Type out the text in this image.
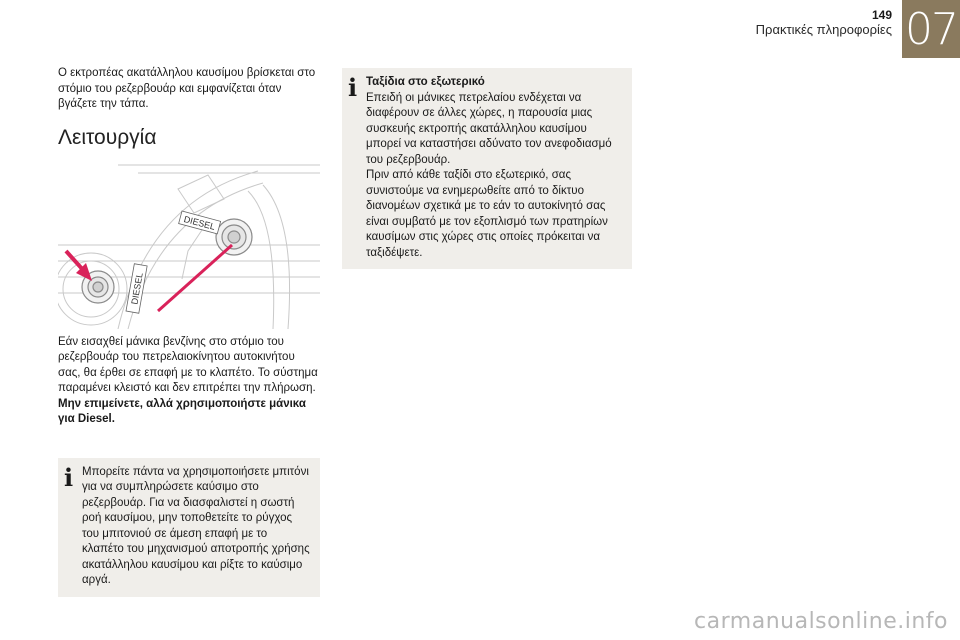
149
Πρακτικές πληροφορίες 07

Ο εκτροπέας ακατάλληλου καυσίμου βρίσκεται στο στόμιο του ρεζερβουάρ και εμφανίζεται όταν βγάζετε την τάπα.

Λειτουργία
DIESEL
DIESEL

Εάν εισαχθεί μάνικα βενζίνης στο στόμιο του ρεζερβουάρ του πετρελαιοκίνητου αυτοκινήτου σας, θα έρθει σε επαφή με το κλαπέτο. Το σύστημα παραμένει κλειστό και δεν επιτρέπει την πλήρωση.

Μην επιμείνετε, αλλά χρησιμοποιήστε μάνικα για Diesel.

i Μπορείτε πάντα να χρησιμοποιήσετε μπιτόνι για να συμπληρώσετε καύσιμο στο ρεζερβουάρ. Για να διασφαλιστεί η σωστή ροή καυσίμου, μην τοποθετείτε το ρύγχος του μπιτονιού σε άμεση επαφή με το κλαπέτο του μηχανισμού αποτροπής χρήσης ακατάλληλου καυσίμου και ρίξτε το καύσιμο αργά.
i Ταξίδια στο εξωτερικό
Επειδή οι μάνικες πετρελαίου ενδέχεται να διαφέρουν σε άλλες χώρες, η παρουσία μιας συσκευής εκτροπής ακατάλληλου καυσίμου μπορεί να καταστήσει αδύνατο τον ανεφοδιασμό του ρεζερβουάρ.
Πριν από κάθε ταξίδι στο εξωτερικό, σας συνιστούμε να ενημερωθείτε από το δίκτυο διανομέων σχετικά με το εάν το αυτοκίνητό σας είναι συμβατό με τον εξοπλισμό των πρατηρίων καυσίμων στις χώρες στις οποίες πρόκειται να ταξιδέψετε.
carmanualsonline.info
